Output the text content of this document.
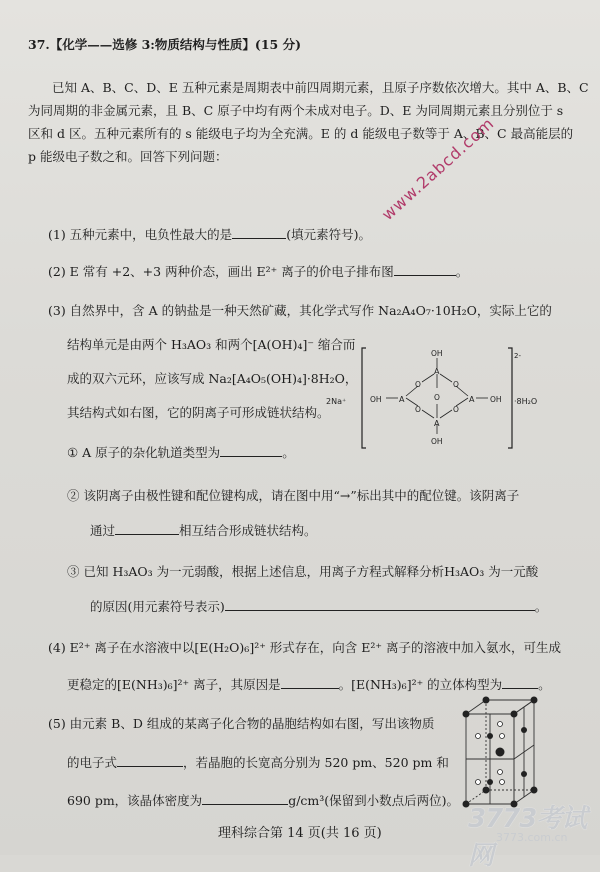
37.【化学——选修 3:物质结构与性质】(15 分)
已知 A、B、C、D、E 五种元素是周期表中前四周期元素，且原子序数依次增大。其中 A、B、C
为同周期的非金属元素，且 B、C 原子中均有两个未成对电子。D、E 为同周期元素且分别位于 s
区和 d 区。五种元素所有的 s 能级电子均为全充满。E 的 d 能级电子数等于 A、B、C 最高能层的
p 能级电子数之和。回答下列问题：	www.2abcd.com
(1) 五种元素中，电负性最大的是	(填元素符号)。
(2) E 常有 +2、+3 两种价态，画出 E²⁺ 离子的价电子排布图	。
(3) 自然界中，含 A 的钠盐是一种天然矿藏，其化学式写作 Na₂A₄O₇·10H₂O，实际上它的
结构单元是由两个 H₃AO₃ 和两个[A(OH)₄]⁻ 缩合而
成的双六元环，应该写成 Na₂[A₄O₅(OH)₄]·8H₂O，
其结构式如右图，它的阴离子可形成链状结构。
2Na⁺
2-
·8H₂O
OH
A
O	O
O
A	A
OH	OH
O	O
A
OH
① A 原子的杂化轨道类型为	。
② 该阴离子由极性键和配位键构成，请在图中用“→”标出其中的配位键。该阴离子
通过	相互结合形成链状结构。
③ 已知 H₃AO₃ 为一元弱酸，根据上述信息，用离子方程式解释分析H₃AO₃ 为一元酸
的原因(用元素符号表示)	。
(4) E²⁺ 离子在水溶液中以[E(H₂O)₆]²⁺ 形式存在，向含 E²⁺ 离子的溶液中加入氨水，可生成
更稳定的[E(NH₃)₆]²⁺ 离子，其原因是	。[E(NH₃)₆]²⁺ 的立体构型为	。
(5) 由元素 B、D 组成的某离子化合物的晶胞结构如右图，写出该物质
的电子式	，若晶胞的长宽高分别为 520 pm、520 pm 和
690 pm，该晶体密度为	g/cm³(保留到小数点后两位)。
理科综合第 14 页(共 16 页)	3773考试网
3773.com.cn
